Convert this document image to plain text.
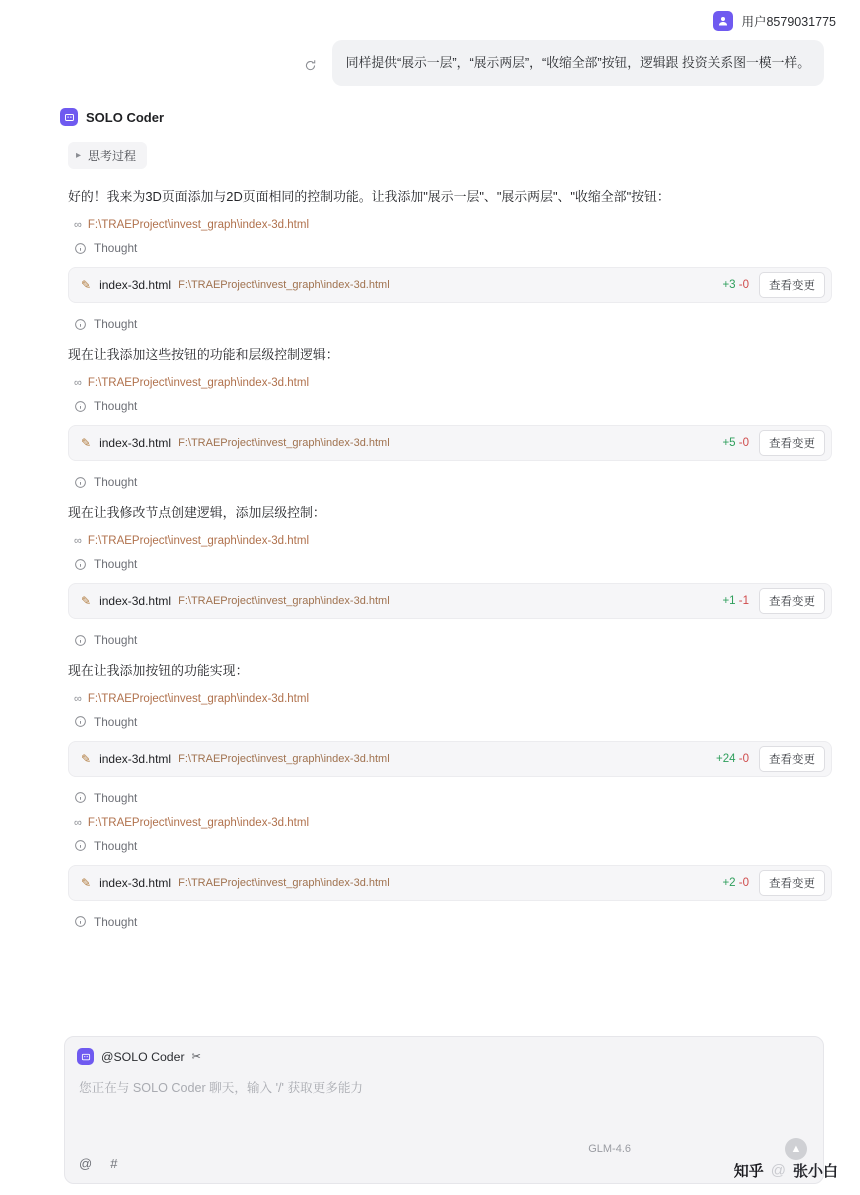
用户8579031775
同样提供“展示一层”，“展示两层”，“收缩全部”按钮，逻辑跟 投资关系图一模一样。
SOLO Coder
▸ 思考过程
好的！我来为3D页面添加与2D页面相同的控制功能。让我添加"展示一层"、"展示两层"、"收缩全部"按钮：
∞ F:\TRAEProject\invest_graph\index-3d.html
Thought
✎ index-3d.html F:\TRAEProject\invest_graph\index-3d.html	+3 -0	查看变更
Thought
现在让我添加这些按钮的功能和层级控制逻辑：
∞ F:\TRAEProject\invest_graph\index-3d.html
Thought
✎ index-3d.html F:\TRAEProject\invest_graph\index-3d.html	+5 -0	查看变更
Thought
现在让我修改节点创建逻辑，添加层级控制：
∞ F:\TRAEProject\invest_graph\index-3d.html
Thought
✎ index-3d.html F:\TRAEProject\invest_graph\index-3d.html	+1 -1	查看变更
Thought
现在让我添加按钮的功能实现：
∞ F:\TRAEProject\invest_graph\index-3d.html
Thought
✎ index-3d.html F:\TRAEProject\invest_graph\index-3d.html	+24 -0	查看变更
Thought
∞ F:\TRAEProject\invest_graph\index-3d.html
Thought
✎ index-3d.html F:\TRAEProject\invest_graph\index-3d.html	+2 -0	查看变更
Thought
@SOLO Coder ✂
您正在与 SOLO Coder 聊天，输入 '/' 获取更多能力
@ #
GLM-4.6	▲
知乎 @ 张小白
